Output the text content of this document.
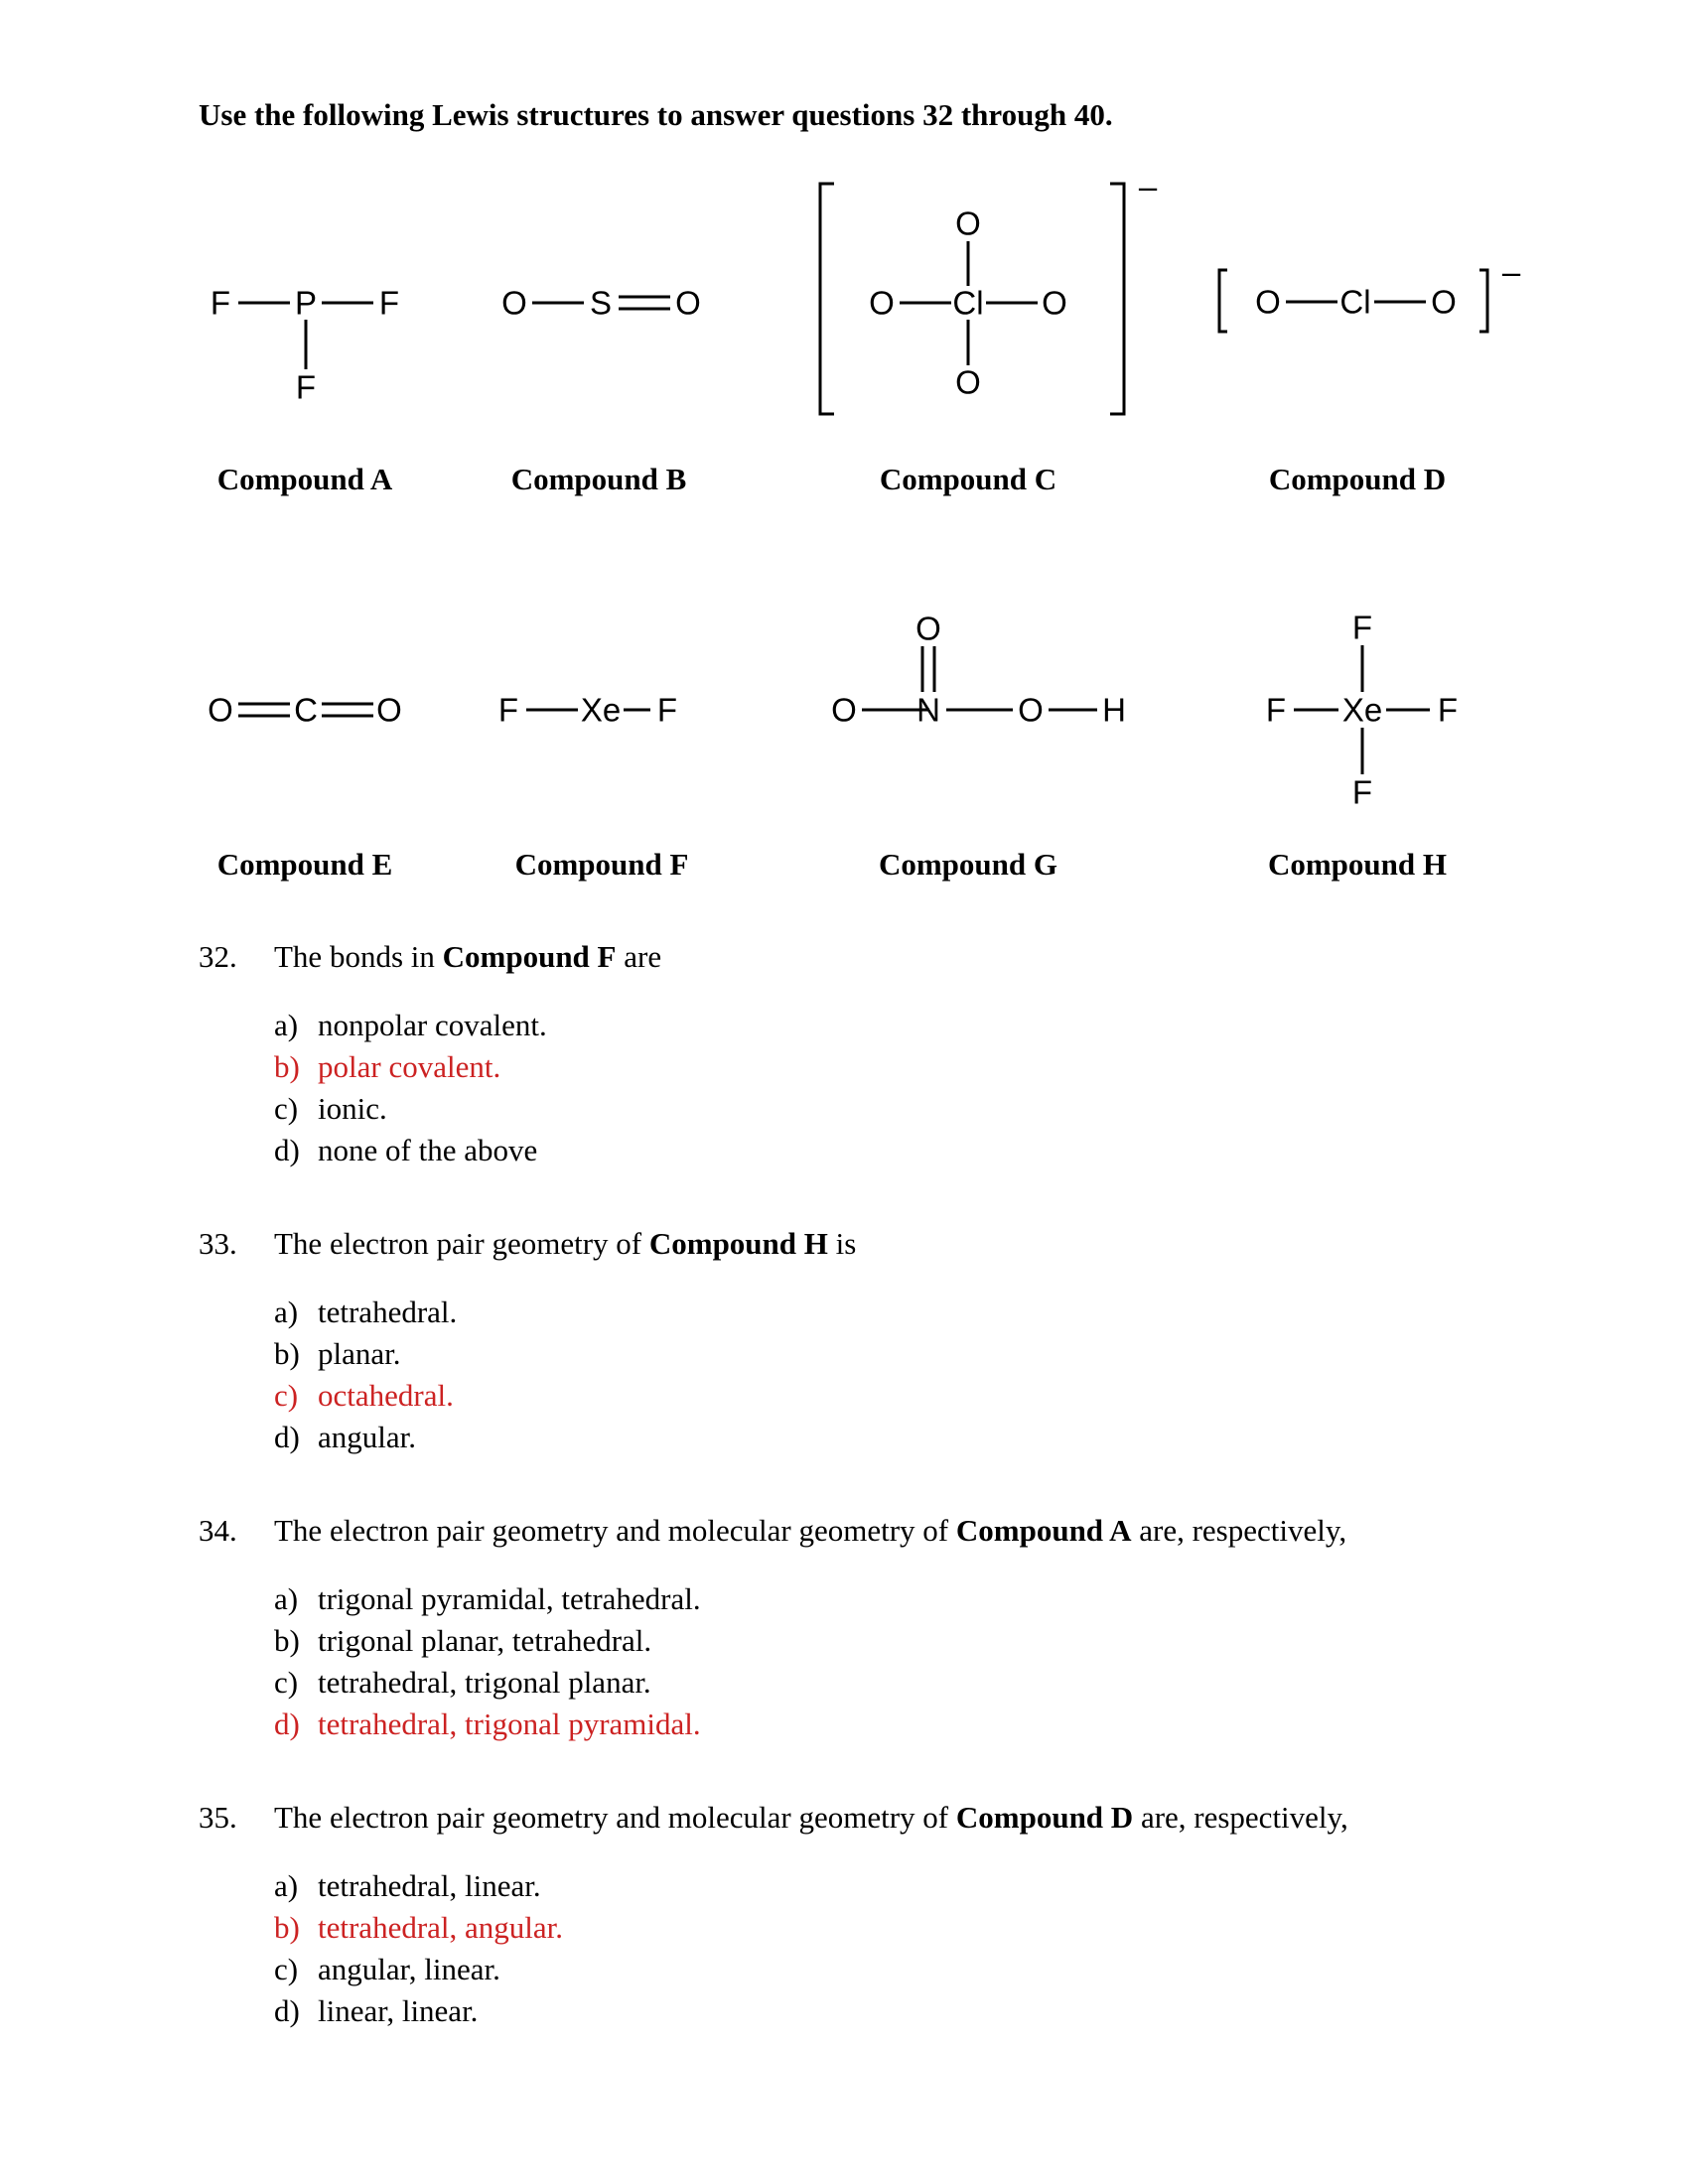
Use the following Lewis structures to answer questions 32 through 40.

F P F
F

Compound A

O S O

Compound B

–
O
O
Cl
O
O

Compound C

–
O Cl O

Compound D

O C O

Compound E

F Xe F

Compound F

O
O
N O H

Compound G

F
F
Xe
F
F

Compound H

32.	The bonds in Compound F are

a) nonpolar covalent.
b) polar covalent.
c) ionic.
d) none of the above

33.	The electron pair geometry of Compound H is

a) tetrahedral.
b) planar.
c) octahedral.
d) angular.

34.	The electron pair geometry and molecular geometry of Compound A are, respectively,

a) trigonal pyramidal, tetrahedral.
b) trigonal planar, tetrahedral.
c) tetrahedral, trigonal planar.
d) tetrahedral, trigonal pyramidal.

35.	The electron pair geometry and molecular geometry of Compound D are, respectively,

a) tetrahedral, linear.
b) tetrahedral, angular.
c) angular, linear.
d) linear, linear.
